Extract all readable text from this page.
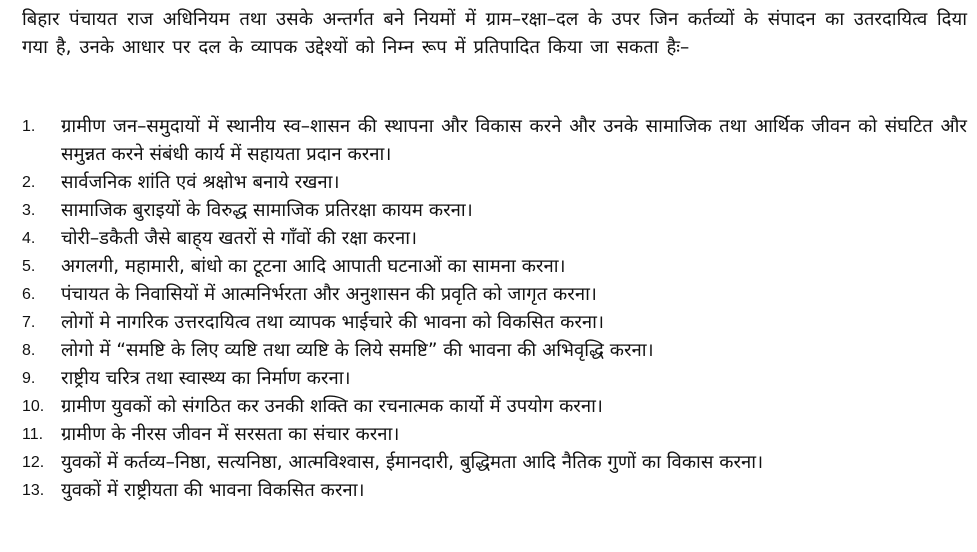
बिहार पंचायत राज अधिनियम तथा उसके अन्तर्गत बने नियमों में ग्राम–रक्षा–दल के उपर जिन कर्तव्यों के संपादन का उतरदायित्व दिया गया है, उनके आधार पर दल के व्यापक उद्देश्यों को निम्न रूप में प्रतिपादित किया जा सकता हैः–

1.	ग्रामीण जन–समुदायों में स्थानीय स्व–शासन की स्थापना और विकास करने और उनके सामाजिक तथा आर्थिक जीवन को संघटित और समुन्नत करने संबंधी कार्य में सहायता प्रदान करना।
2.	सार्वजनिक शांति एवं श्रक्षोभ बनाये रखना।
3.	सामाजिक बुराइयों के विरुद्ध सामाजिक प्रतिरक्षा कायम करना।
4.	चोरी–डकैती जैसे बाह्‌य खतरों से गाँवों की रक्षा करना।
5.	अगलगी, महामारी, बांधो का टूटना आदि आपाती घटनाओं का सामना करना।
6.	पंचायत के निवासियों में आत्मनिर्भरता और अनुशासन की प्रवृति को जागृत करना।
7.	लोगों मे नागरिक उत्तरदायित्व तथा व्यापक भाईचारे की भावना को विकसित करना।
8.	लोगो में “समष्टि के लिए व्यष्टि तथा व्यष्टि के लिये समष्टि” की भावना की अभिवृद्धि करना।
9.	राष्ट्रीय चरित्र तथा स्वास्थ्य का निर्माण करना।
10. ग्रामीण युवकों को संगठित कर उनकी शक्ति का रचनात्मक कार्यो में उपयोग करना।
11. ग्रामीण के नीरस जीवन में सरसता का संचार करना।
12. युवकों में कर्तव्य–निष्ठा, सत्यनिष्ठा, आत्मविश्वास, ईमानदारी, बुद्धिमता आदि नैतिक गुणों का विकास करना।
13. युवकों में राष्ट्रीयता की भावना विकसित करना।
